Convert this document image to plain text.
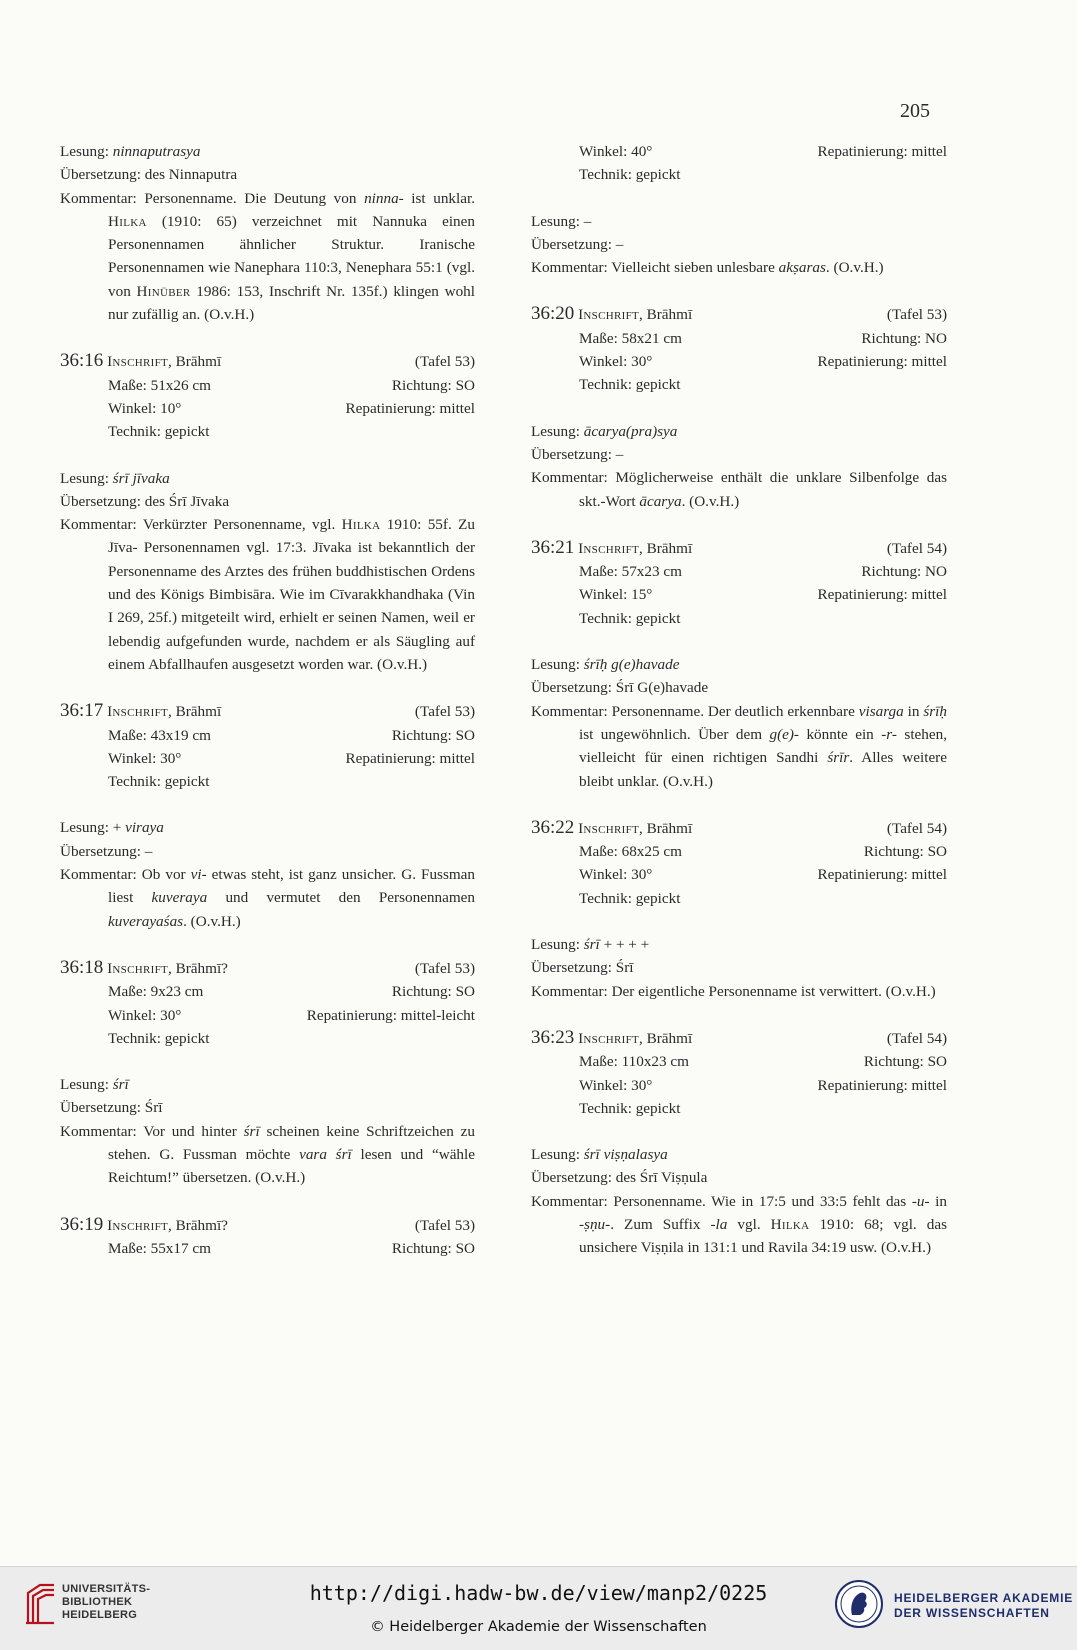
205
Lesung: ninnaputrasya
Übersetzung: des Ninnaputra
Kommentar: Personenname. Die Deutung von ninna- ist unklar. Hilka (1910: 65) verzeichnet mit Nannuka einen Personennamen ähnlicher Struktur. Iranische Personennamen wie Nanephara 110:3, Nenephara 55:1 (vgl. von Hinüber 1986: 153, Inschrift Nr. 135f.) klingen wohl nur zufällig an. (O.v.H.)
36:16 Inschrift, Brāhmī	(Tafel 53)
Maße: 51x26 cm	Richtung: SO
Winkel: 10°	Repatinierung: mittel
Technik: gepickt
Lesung: śrī jīvaka
Übersetzung: des Śrī Jīvaka
Kommentar: Verkürzter Personenname, vgl. Hilka 1910: 55f. Zu Jīva- Personennamen vgl. 17:3. Jīvaka ist bekanntlich der Personenname des Arztes des frühen buddhistischen Ordens und des Königs Bimbisāra. Wie im Cīvarakkhandhaka (Vin I 269, 25f.) mitgeteilt wird, erhielt er seinen Namen, weil er lebendig aufgefunden wurde, nachdem er als Säugling auf einem Abfallhaufen ausgesetzt worden war. (O.v.H.)
36:17 Inschrift, Brāhmī	(Tafel 53)
Maße: 43x19 cm	Richtung: SO
Winkel: 30°	Repatinierung: mittel
Technik: gepickt
Lesung: + viraya
Übersetzung: –
Kommentar: Ob vor vi- etwas steht, ist ganz unsicher. G. Fussman liest kuveraya und vermutet den Personennamen kuverayaśas. (O.v.H.)
36:18 Inschrift, Brāhmī?	(Tafel 53)
Maße: 9x23 cm	Richtung: SO
Winkel: 30°	Repatinierung: mittel-leicht
Technik: gepickt
Lesung: śrī
Übersetzung: Śrī
Kommentar: Vor und hinter śrī scheinen keine Schriftzeichen zu stehen. G. Fussman möchte vara śrī lesen und “wähle Reichtum!” übersetzen. (O.v.H.)
36:19 Inschrift, Brāhmī?	(Tafel 53)
Maße: 55x17 cm	Richtung: SO
Winkel: 40°	Repatinierung: mittel
Technik: gepickt
Lesung: –
Übersetzung: –
Kommentar: Vielleicht sieben unlesbare akṣaras. (O.v.H.)
36:20 Inschrift, Brāhmī	(Tafel 53)
Maße: 58x21 cm	Richtung: NO
Winkel: 30°	Repatinierung: mittel
Technik: gepickt
Lesung: ācarya(pra)sya
Übersetzung: –
Kommentar: Möglicherweise enthält die unklare Silbenfolge das skt.-Wort ācarya. (O.v.H.)
36:21 Inschrift, Brāhmī	(Tafel 54)
Maße: 57x23 cm	Richtung: NO
Winkel: 15°	Repatinierung: mittel
Technik: gepickt
Lesung: śrīḥ g(e)havade
Übersetzung: Śrī G(e)havade
Kommentar: Personenname. Der deutlich erkennbare visarga in śrīḥ ist ungewöhnlich. Über dem g(e)- könnte ein -r- stehen, vielleicht für einen richtigen Sandhi śrīr. Alles weitere bleibt unklar. (O.v.H.)
36:22 Inschrift, Brāhmī	(Tafel 54)
Maße: 68x25 cm	Richtung: SO
Winkel: 30°	Repatinierung: mittel
Technik: gepickt
Lesung: śrī + + + +
Übersetzung: Śrī
Kommentar: Der eigentliche Personenname ist verwittert. (O.v.H.)
36:23 Inschrift, Brāhmī	(Tafel 54)
Maße: 110x23 cm	Richtung: SO
Winkel: 30°	Repatinierung: mittel
Technik: gepickt
Lesung: śrī viṣṇalasya
Übersetzung: des Śrī Viṣṇula
Kommentar: Personenname. Wie in 17:5 und 33:5 fehlt das -u- in -ṣṇu-. Zum Suffix -la vgl. Hilka 1910: 68; vgl. das unsichere Viṣṇila in 131:1 und Ravila 34:19 usw. (O.v.H.)
UNIVERSITÄTS-
BIBLIOTHEK
HEIDELBERG
http://digi.hadw-bw.de/view/manp2/0225
© Heidelberger Akademie der Wissenschaften
HEIDELBERGER AKADEMIE
DER WISSENSCHAFTEN
